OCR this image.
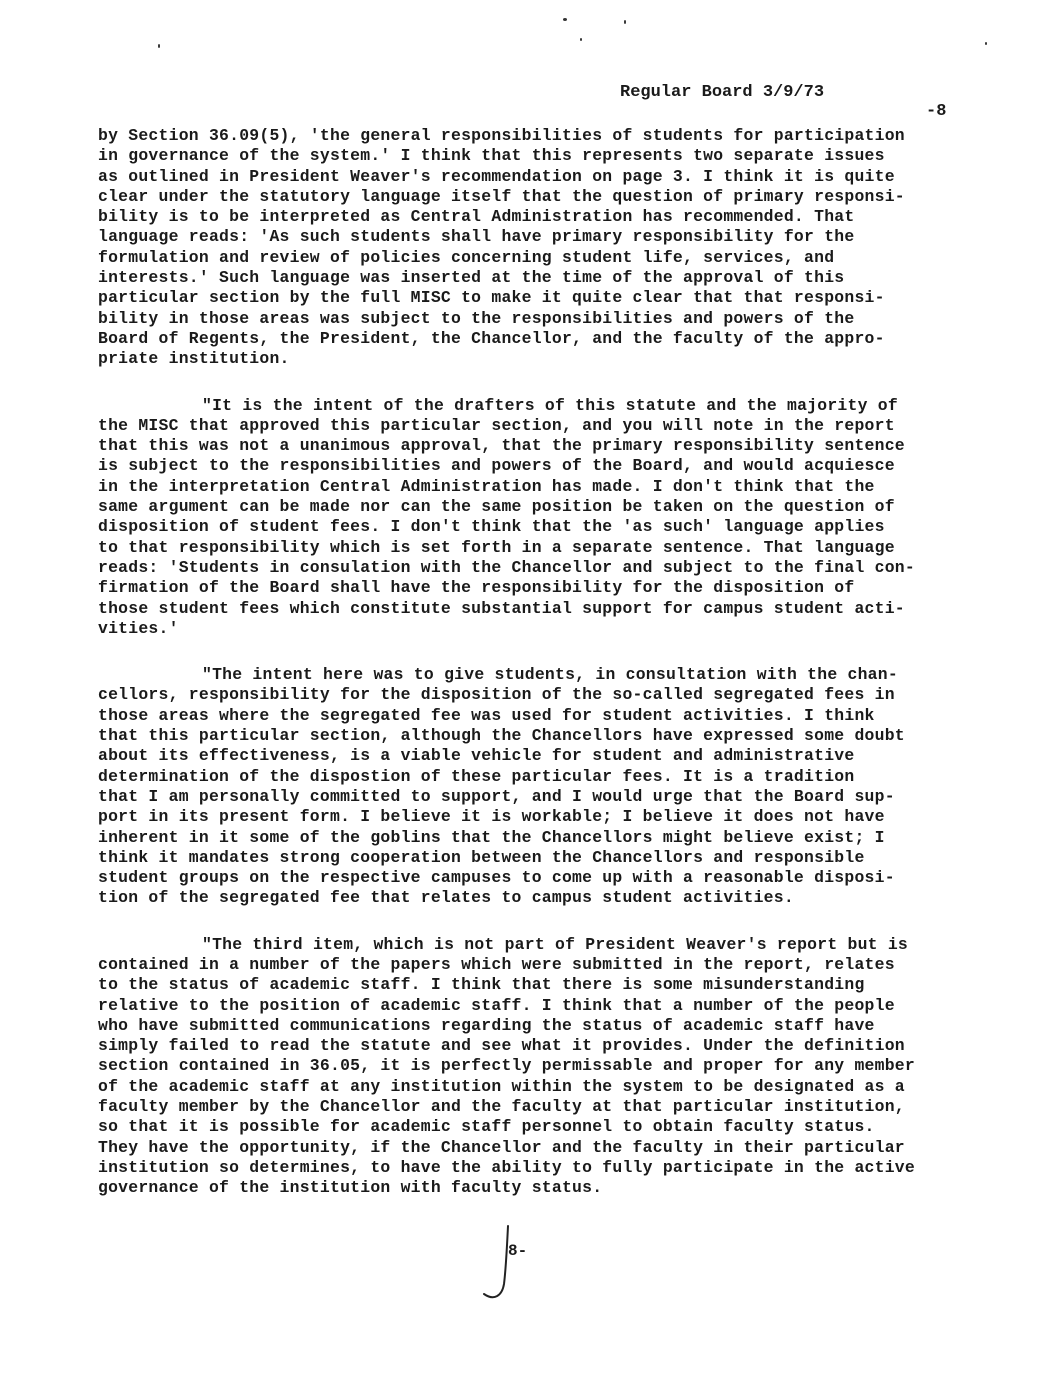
Regular Board 3/9/73

-8

by Section 36.09(5), 'the general responsibilities of students for participation
in governance of the system.' I think that this represents two separate issues
as outlined in President Weaver's recommendation on page 3. I think it is quite
clear under the statutory language itself that the question of primary responsi-
bility is to be interpreted as Central Administration has recommended. That
language reads: 'As such students shall have primary responsibility for the
formulation and review of policies concerning student life, services, and
interests.' Such language was inserted at the time of the approval of this
particular section by the full MISC to make it quite clear that that responsi-
bility in those areas was subject to the responsibilities and powers of the
Board of Regents, the President, the Chancellor, and the faculty of the appro-
priate institution.
"It is the intent of the drafters of this statute and the majority of
the MISC that approved this particular section, and you will note in the report
that this was not a unanimous approval, that the primary responsibility sentence
is subject to the responsibilities and powers of the Board, and would acquiesce
in the interpretation Central Administration has made. I don't think that the
same argument can be made nor can the same position be taken on the question of
disposition of student fees. I don't think that the 'as such' language applies
to that responsibility which is set forth in a separate sentence. That language
reads: 'Students in consulation with the Chancellor and subject to the final con-
firmation of the Board shall have the responsibility for the disposition of
those student fees which constitute substantial support for campus student acti-
vities.'
"The intent here was to give students, in consultation with the chan-
cellors, responsibility for the disposition of the so-called segregated fees in
those areas where the segregated fee was used for student activities. I think
that this particular section, although the Chancellors have expressed some doubt
about its effectiveness, is a viable vehicle for student and administrative
determination of the dispostion of these particular fees. It is a tradition
that I am personally committed to support, and I would urge that the Board sup-
port in its present form. I believe it is workable; I believe it does not have
inherent in it some of the goblins that the Chancellors might believe exist; I
think it mandates strong cooperation between the Chancellors and responsible
student groups on the respective campuses to come up with a reasonable disposi-
tion of the segregated fee that relates to campus student activities.
"The third item, which is not part of President Weaver's report but is
contained in a number of the papers which were submitted in the report, relates
to the status of academic staff. I think that there is some misunderstanding
relative to the position of academic staff. I think that a number of the people
who have submitted communications regarding the status of academic staff have
simply failed to read the statute and see what it provides. Under the definition
section contained in 36.05, it is perfectly permissable and proper for any member
of the academic staff at any institution within the system to be designated as a
faculty member by the Chancellor and the faculty at that particular institution,
so that it is possible for academic staff personnel to obtain faculty status.
They have the opportunity, if the Chancellor and the faculty in their particular
institution so determines, to have the ability to fully participate in the active
governance of the institution with faculty status.
8-
